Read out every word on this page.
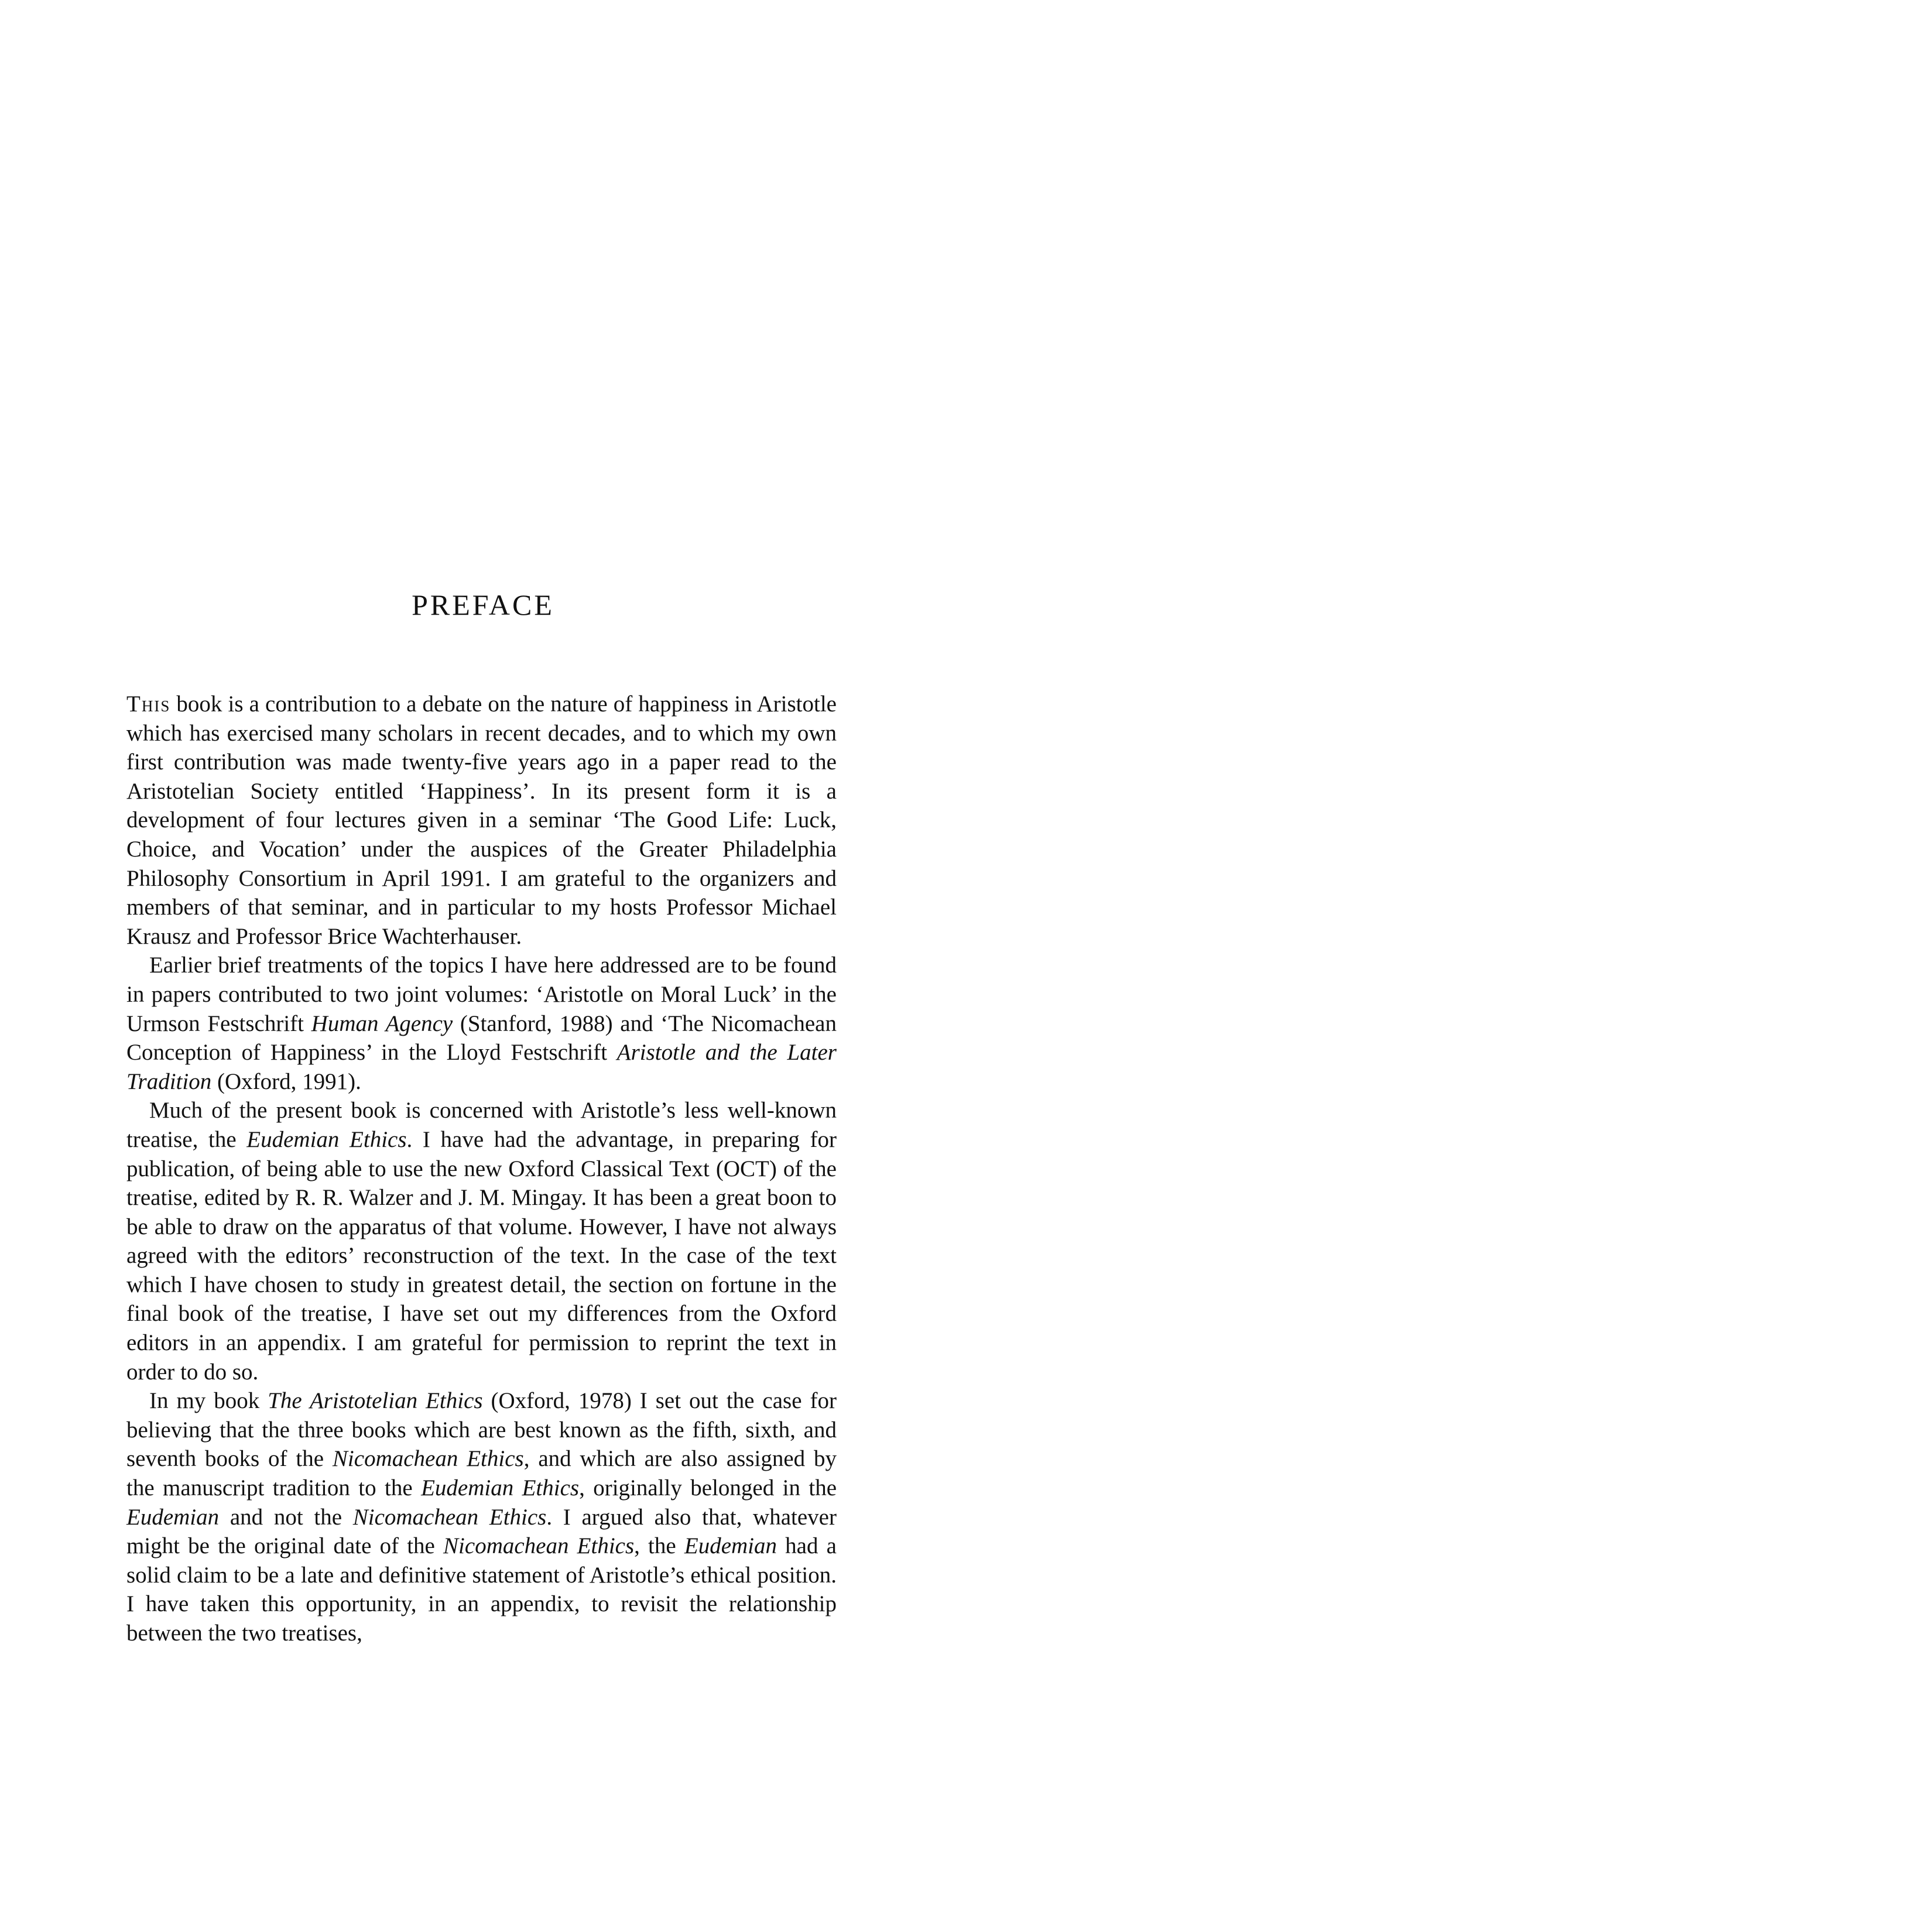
PREFACE

This book is a contribution to a debate on the nature of happiness in Aristotle which has exercised many scholars in recent decades, and to which my own first contribution was made twenty-five years ago in a paper read to the Aristotelian Society entitled ‘Happiness’. In its present form it is a development of four lectures given in a seminar ‘The Good Life: Luck, Choice, and Vocation’ under the auspices of the Greater Philadelphia Philosophy Consortium in April 1991. I am grateful to the organizers and members of that seminar, and in particular to my hosts Professor Michael Krausz and Professor Brice Wachterhauser.

Earlier brief treatments of the topics I have here addressed are to be found in papers contributed to two joint volumes: ‘Aristotle on Moral Luck’ in the Urmson Festschrift Human Agency (Stanford, 1988) and ‘The Nicomachean Conception of Happiness’ in the Lloyd Festschrift Aristotle and the Later Tradition (Oxford, 1991).

Much of the present book is concerned with Aristotle’s less well-known treatise, the Eudemian Ethics. I have had the advantage, in preparing for publication, of being able to use the new Oxford Classical Text (OCT) of the treatise, edited by R. R. Walzer and J. M. Mingay. It has been a great boon to be able to draw on the apparatus of that volume. However, I have not always agreed with the editors’ reconstruction of the text. In the case of the text which I have chosen to study in greatest detail, the section on fortune in the final book of the treatise, I have set out my differences from the Oxford editors in an appendix. I am grateful for permission to reprint the text in order to do so.

In my book The Aristotelian Ethics (Oxford, 1978) I set out the case for believing that the three books which are best known as the fifth, sixth, and seventh books of the Nicomachean Ethics, and which are also assigned by the manuscript tradition to the Eudemian Ethics, originally belonged in the Eudemian and not the Nicomachean Ethics. I argued also that, whatever might be the original date of the Nicomachean Ethics, the Eudemian had a solid claim to be a late and definitive statement of Aristotle’s ethical position. I have taken this opportunity, in an appendix, to revisit the relationship between the two treatises,
